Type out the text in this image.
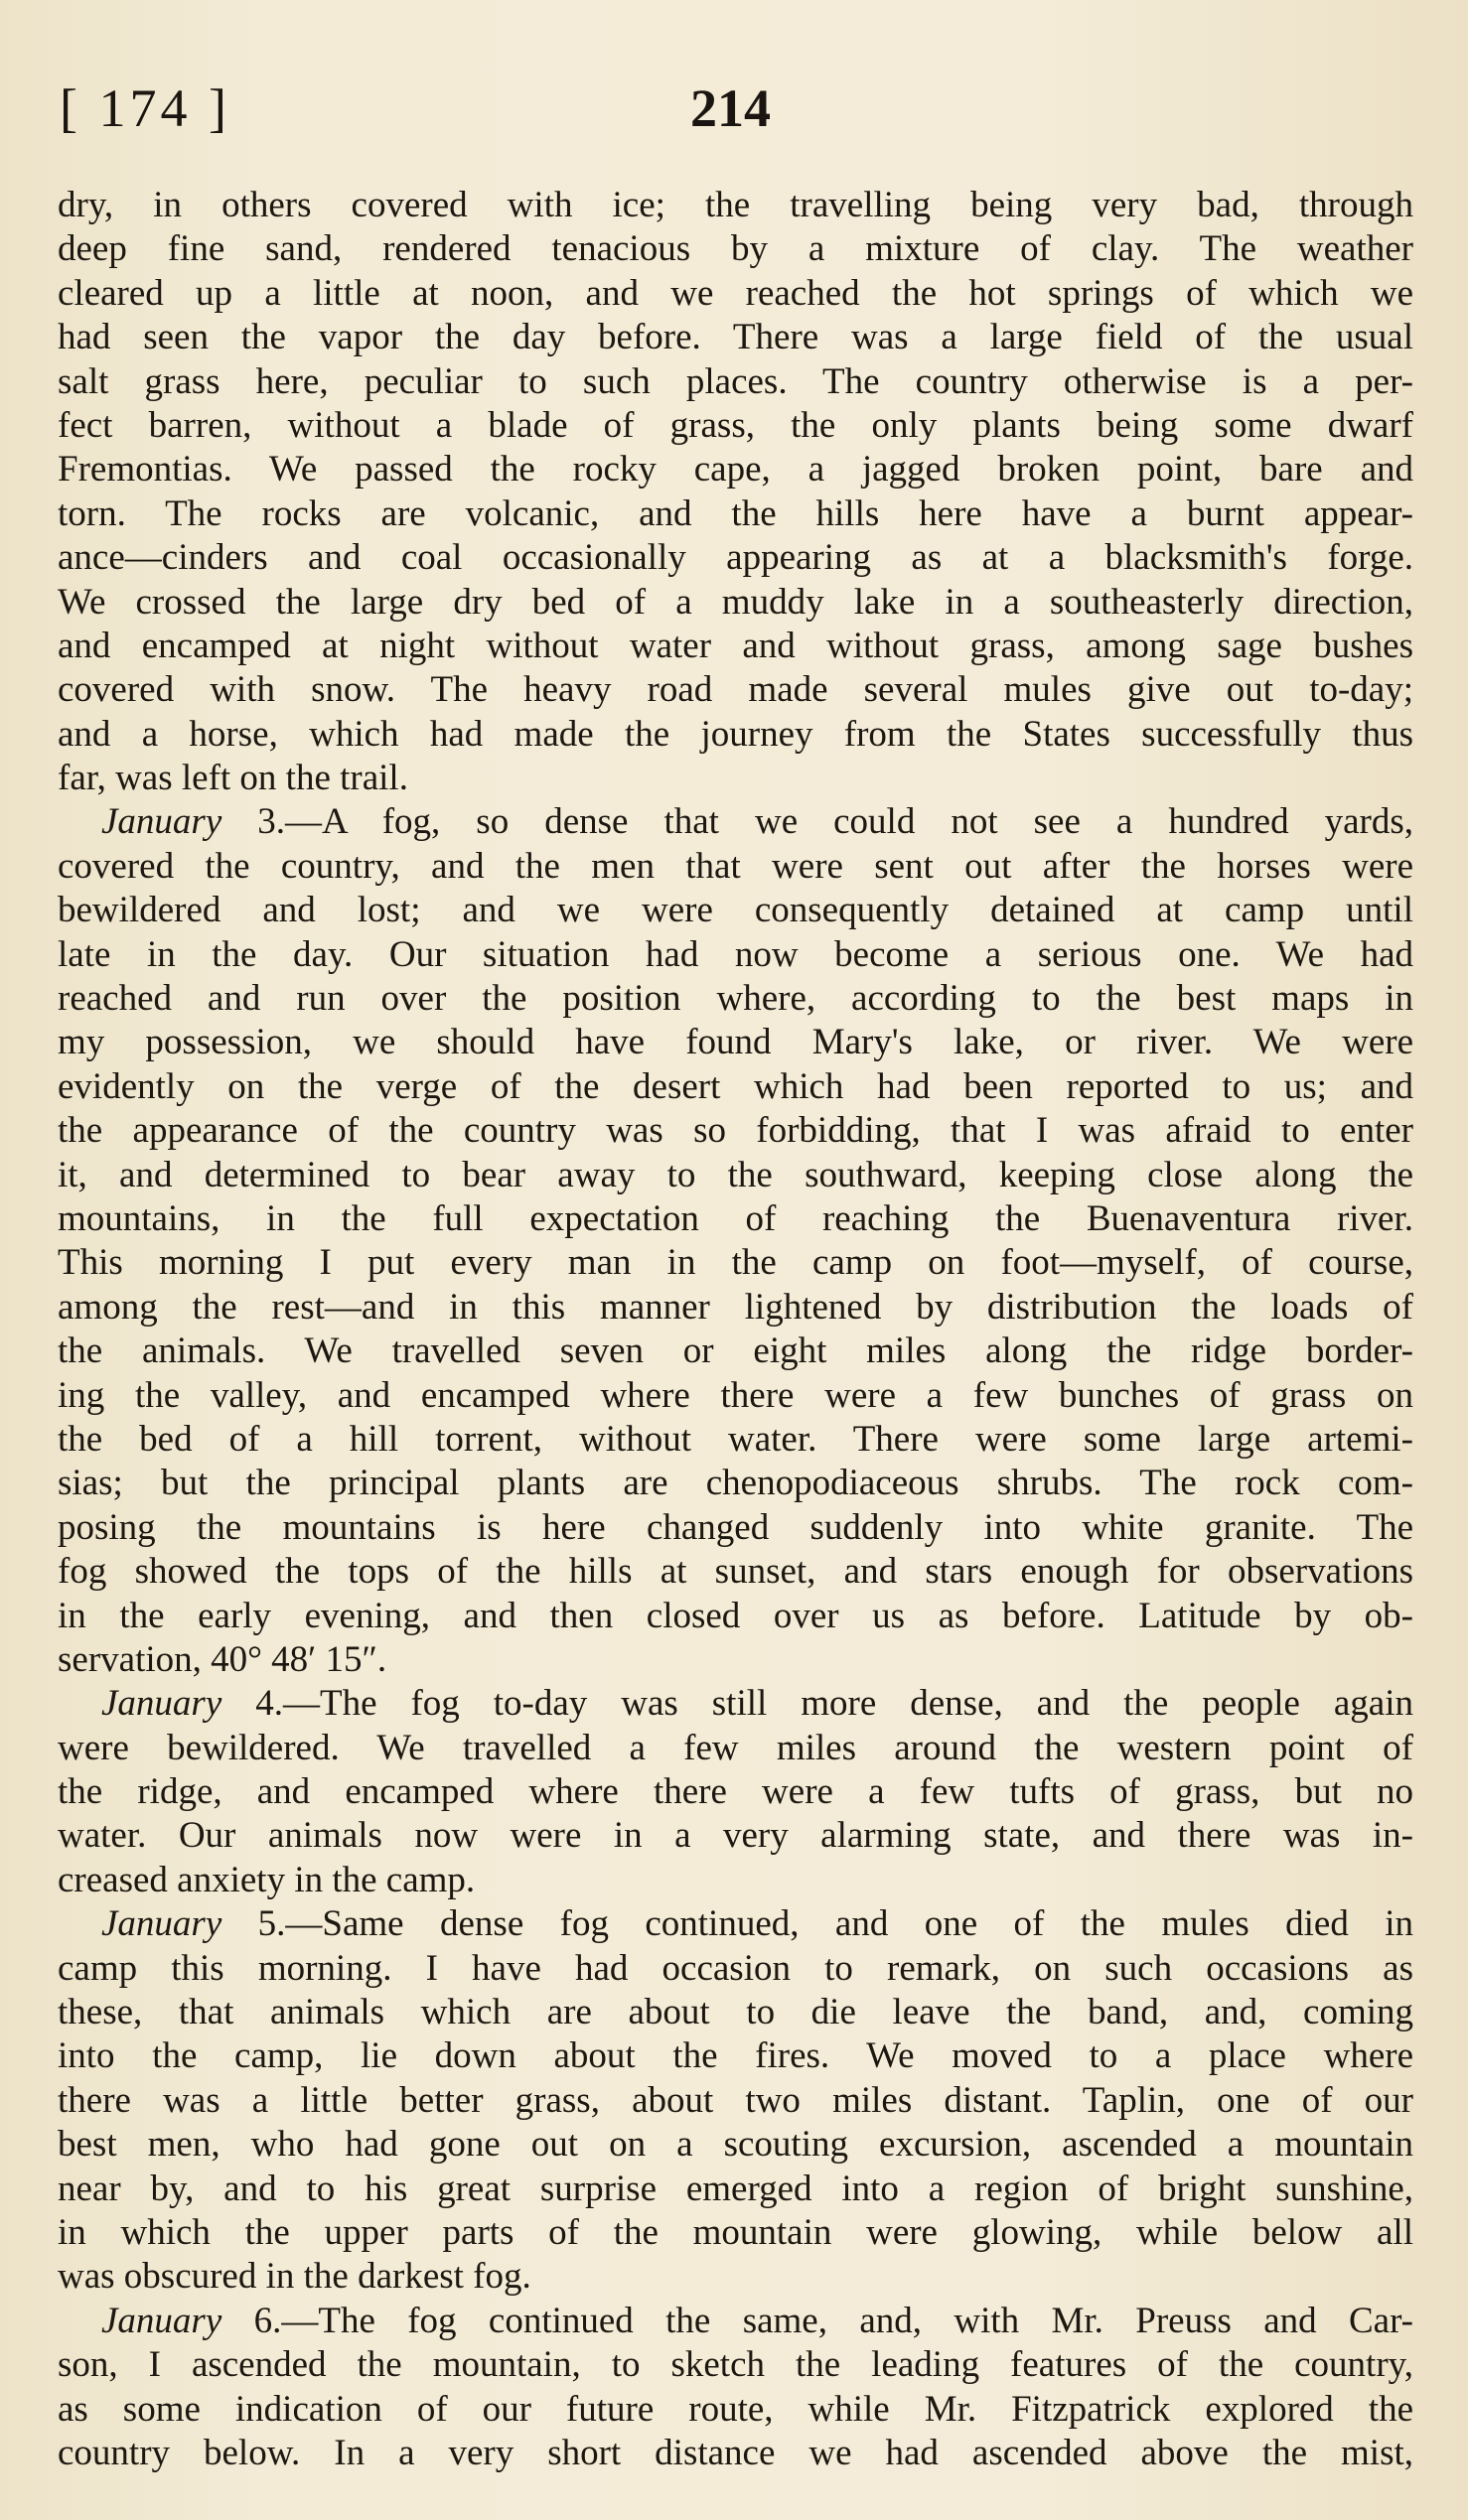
[ 174 ]	214
dry, in others covered with ice; the travelling being very bad, through
deep fine sand, rendered tenacious by a mixture of clay. The weather
cleared up a little at noon, and we reached the hot springs of which we
had seen the vapor the day before. There was a large field of the usual
salt grass here, peculiar to such places. The country otherwise is a per-
fect barren, without a blade of grass, the only plants being some dwarf
Fremontias. We passed the rocky cape, a jagged broken point, bare and
torn. The rocks are volcanic, and the hills here have a burnt appear-
ance—cinders and coal occasionally appearing as at a blacksmith's forge.
We crossed the large dry bed of a muddy lake in a southeasterly direction,
and encamped at night without water and without grass, among sage bushes
covered with snow. The heavy road made several mules give out to-day;
and a horse, which had made the journey from the States successfully thus
far, was left on the trail.
January 3.—A fog, so dense that we could not see a hundred yards,
covered the country, and the men that were sent out after the horses were
bewildered and lost; and we were consequently detained at camp until
late in the day. Our situation had now become a serious one. We had
reached and run over the position where, according to the best maps in
my possession, we should have found Mary's lake, or river. We were
evidently on the verge of the desert which had been reported to us; and
the appearance of the country was so forbidding, that I was afraid to enter
it, and determined to bear away to the southward, keeping close along the
mountains, in the full expectation of reaching the Buenaventura river.
This morning I put every man in the camp on foot—myself, of course,
among the rest—and in this manner lightened by distribution the loads of
the animals. We travelled seven or eight miles along the ridge border-
ing the valley, and encamped where there were a few bunches of grass on
the bed of a hill torrent, without water. There were some large artemi-
sias; but the principal plants are chenopodiaceous shrubs. The rock com-
posing the mountains is here changed suddenly into white granite. The
fog showed the tops of the hills at sunset, and stars enough for observations
in the early evening, and then closed over us as before. Latitude by ob-
servation, 40° 48′ 15″.
January 4.—The fog to-day was still more dense, and the people again
were bewildered. We travelled a few miles around the western point of
the ridge, and encamped where there were a few tufts of grass, but no
water. Our animals now were in a very alarming state, and there was in-
creased anxiety in the camp.
January 5.—Same dense fog continued, and one of the mules died in
camp this morning. I have had occasion to remark, on such occasions as
these, that animals which are about to die leave the band, and, coming
into the camp, lie down about the fires. We moved to a place where
there was a little better grass, about two miles distant. Taplin, one of our
best men, who had gone out on a scouting excursion, ascended a mountain
near by, and to his great surprise emerged into a region of bright sunshine,
in which the upper parts of the mountain were glowing, while below all
was obscured in the darkest fog.
January 6.—The fog continued the same, and, with Mr. Preuss and Car-
son, I ascended the mountain, to sketch the leading features of the country,
as some indication of our future route, while Mr. Fitzpatrick explored the
country below. In a very short distance we had ascended above the mist,
